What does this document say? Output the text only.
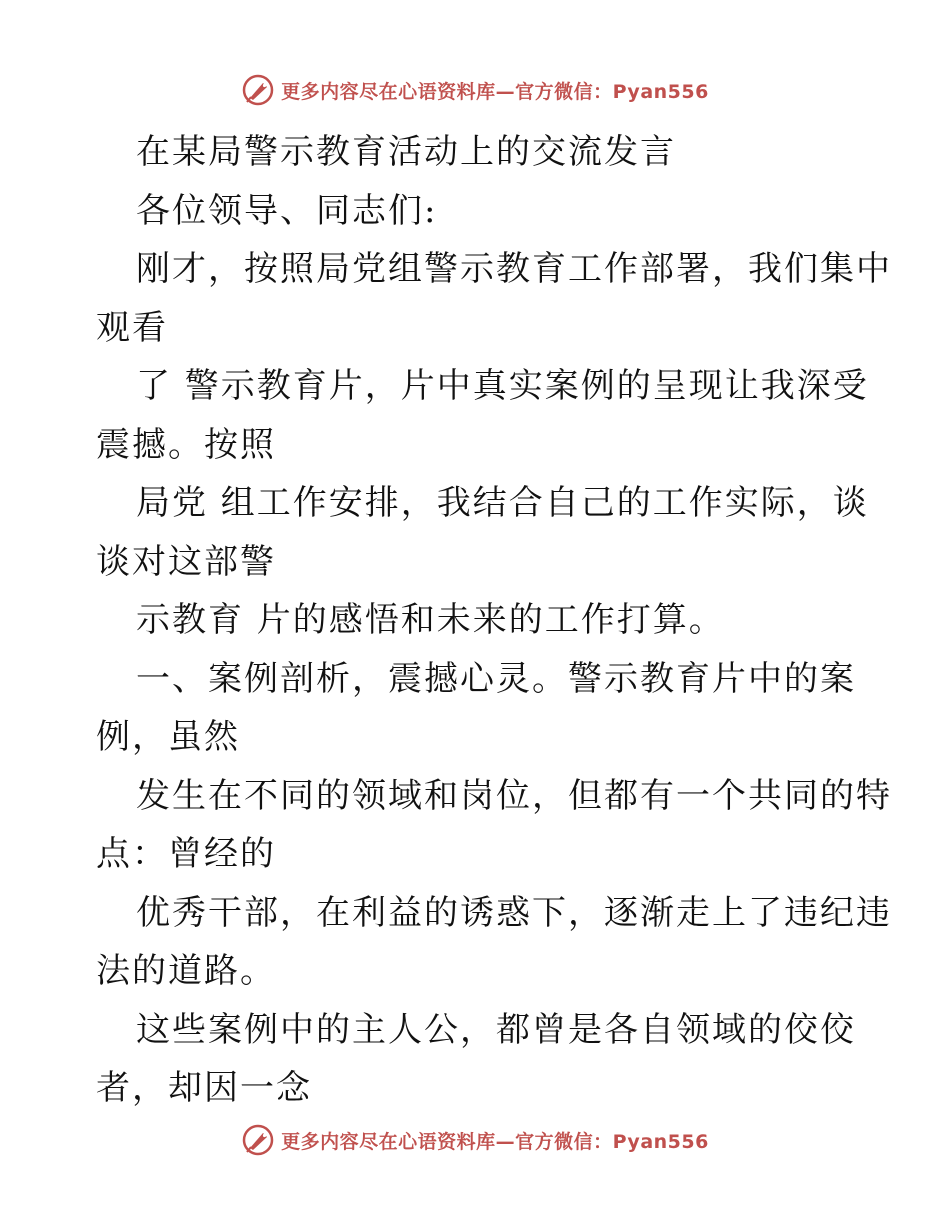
更多内容尽在心语资料库—官方微信：Pyan556
在某局警示教育活动上的交流发言
各位领导、同志们:
刚才，按照局党组警示教育工作部署，我们集中
观看
了 警示教育片，片中真实案例的呈现让我深受
震撼。按照
局党 组工作安排，我结合自己的工作实际，谈
谈对这部警
示教育 片的感悟和未来的工作打算。
一、案例剖析，震撼心灵。警示教育片中的案
例，虽然
发生在不同的领域和岗位，但都有一个共同的特
点：曾经的
优秀干部，在利益的诱惑下，逐渐走上了违纪违
法的道路。
这些案例中的主人公，都曾是各自领域的佼佼
者，却因一念
更多内容尽在心语资料库—官方微信：Pyan556
